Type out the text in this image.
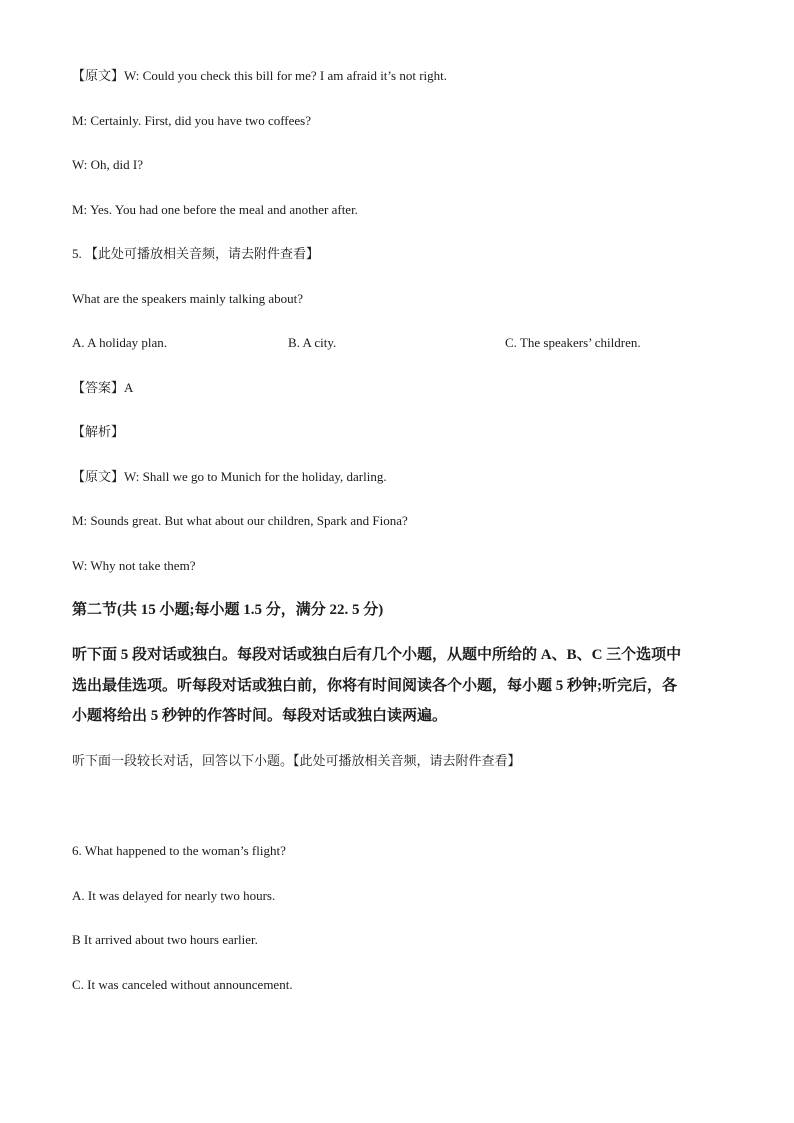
【原文】W: Could you check this bill for me? I am afraid it’s not right.
M: Certainly. First, did you have two coffees?
W: Oh, did I?
M: Yes. You had one before the meal and another after.
5. 【此处可播放相关音频，请去附件查看】
What are the speakers mainly talking about?
A. A holiday plan.	B. A city.	C. The speakers’ children.
【答案】A
【解析】
【原文】W: Shall we go to Munich for the holiday, darling.
M: Sounds great. But what about our children, Spark and Fiona?
W: Why not take them?
第二节(共 15 小题;每小题 1.5 分，满分 22. 5 分)
听下面 5 段对话或独白。每段对话或独白后有几个小题，从题中所给的 A、B、C 三个选项中
选出最佳选项。听每段对话或独白前，你将有时间阅读各个小题，每小题 5 秒钟;听完后，各
小题将给出 5 秒钟的作答时间。每段对话或独白读两遍。
听下面一段较长对话，回答以下小题。【此处可播放相关音频，请去附件查看】
6. What happened to the woman’s flight?
A. It was delayed for nearly two hours.
B It arrived about two hours earlier.
C. It was canceled without announcement.
